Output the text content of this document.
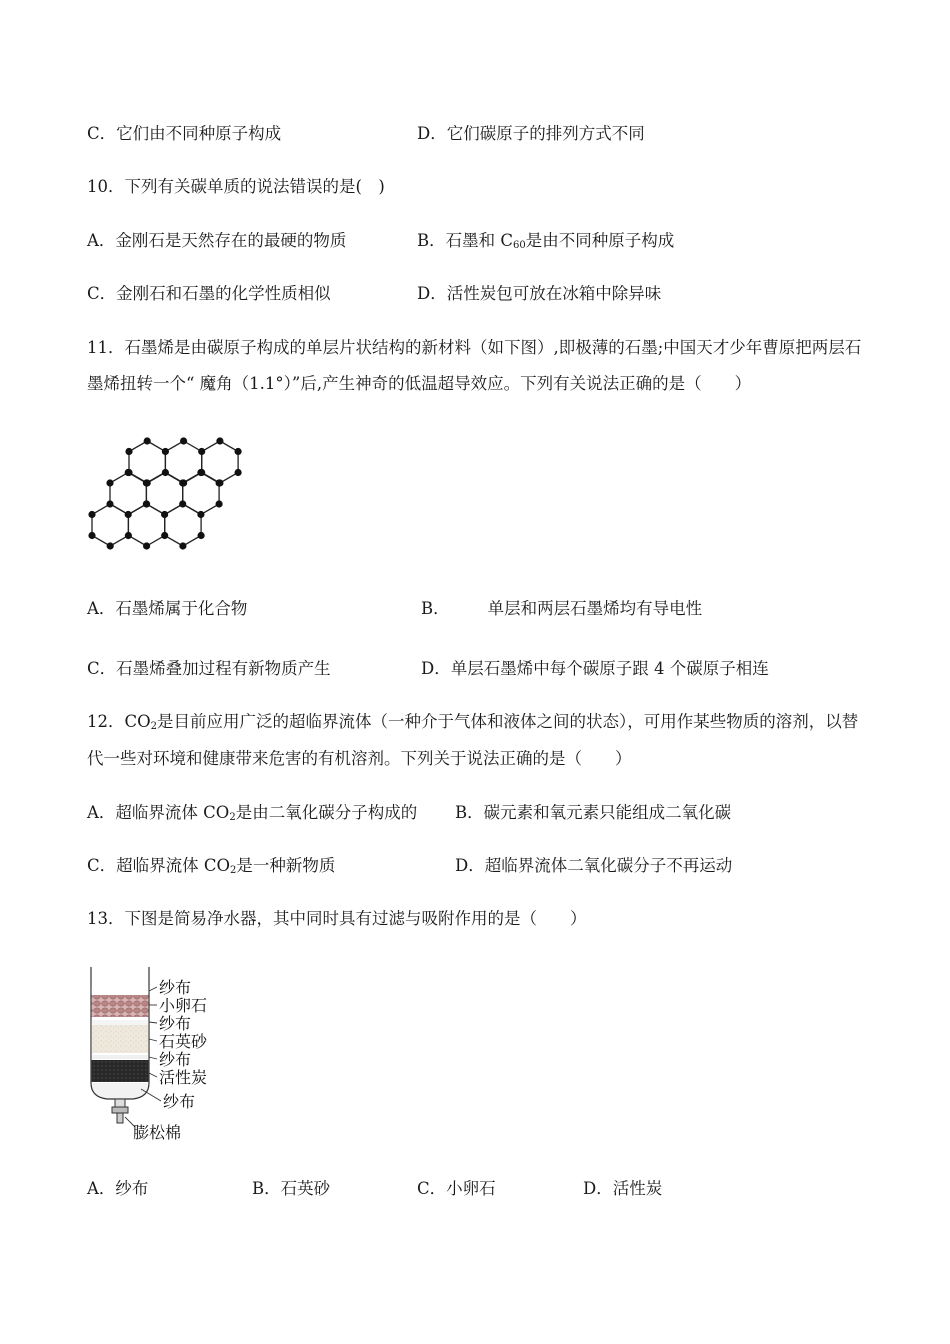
C．它们由不同种原子构成	D．它们碳原子的排列方式不同
10．下列有关碳单质的说法错误的是(　)
A．金刚石是天然存在的最硬的物质	B．石墨和 $C_{60}$是由不同种原子构成
C．金刚石和石墨的化学性质相似	D．活性炭包可放在冰箱中除异味
11．石墨烯是由碳原子构成的单层片状结构的新材料（如下图）,即极薄的石墨;中国天才少年曹原把两层石
墨烯扭转一个“ 魔角（1.1°）”后,产生神奇的低温超导效应。下列有关说法正确的是（　　）
A．石墨烯属于化合物	B． 单层和两层石墨烯均有导电性
C．石墨烯叠加过程有新物质产生	D．单层石墨烯中每个碳原子跟 4 个碳原子相连
12．$CO_2$是目前应用广泛的超临界流体（一种介于气体和液体之间的状态），可用作某些物质的溶剂，以替
代一些对环境和健康带来危害的有机溶剂。下列关于说法正确的是（　　）
A．超临界流体 $CO_2$是由二氧化碳分子构成的 B．碳元素和氧元素只能组成二氧化碳
C．超临界流体 $CO_2$是一种新物质	D．超临界流体二氧化碳分子不再运动
13．下图是简易净水器，其中同时具有过滤与吸附作用的是（　　）
纱布
小卵石
纱布
石英砂
纱布
活性炭
纱布
膨松棉
A．纱布	B．石英砂	C．小卵石	D．活性炭
